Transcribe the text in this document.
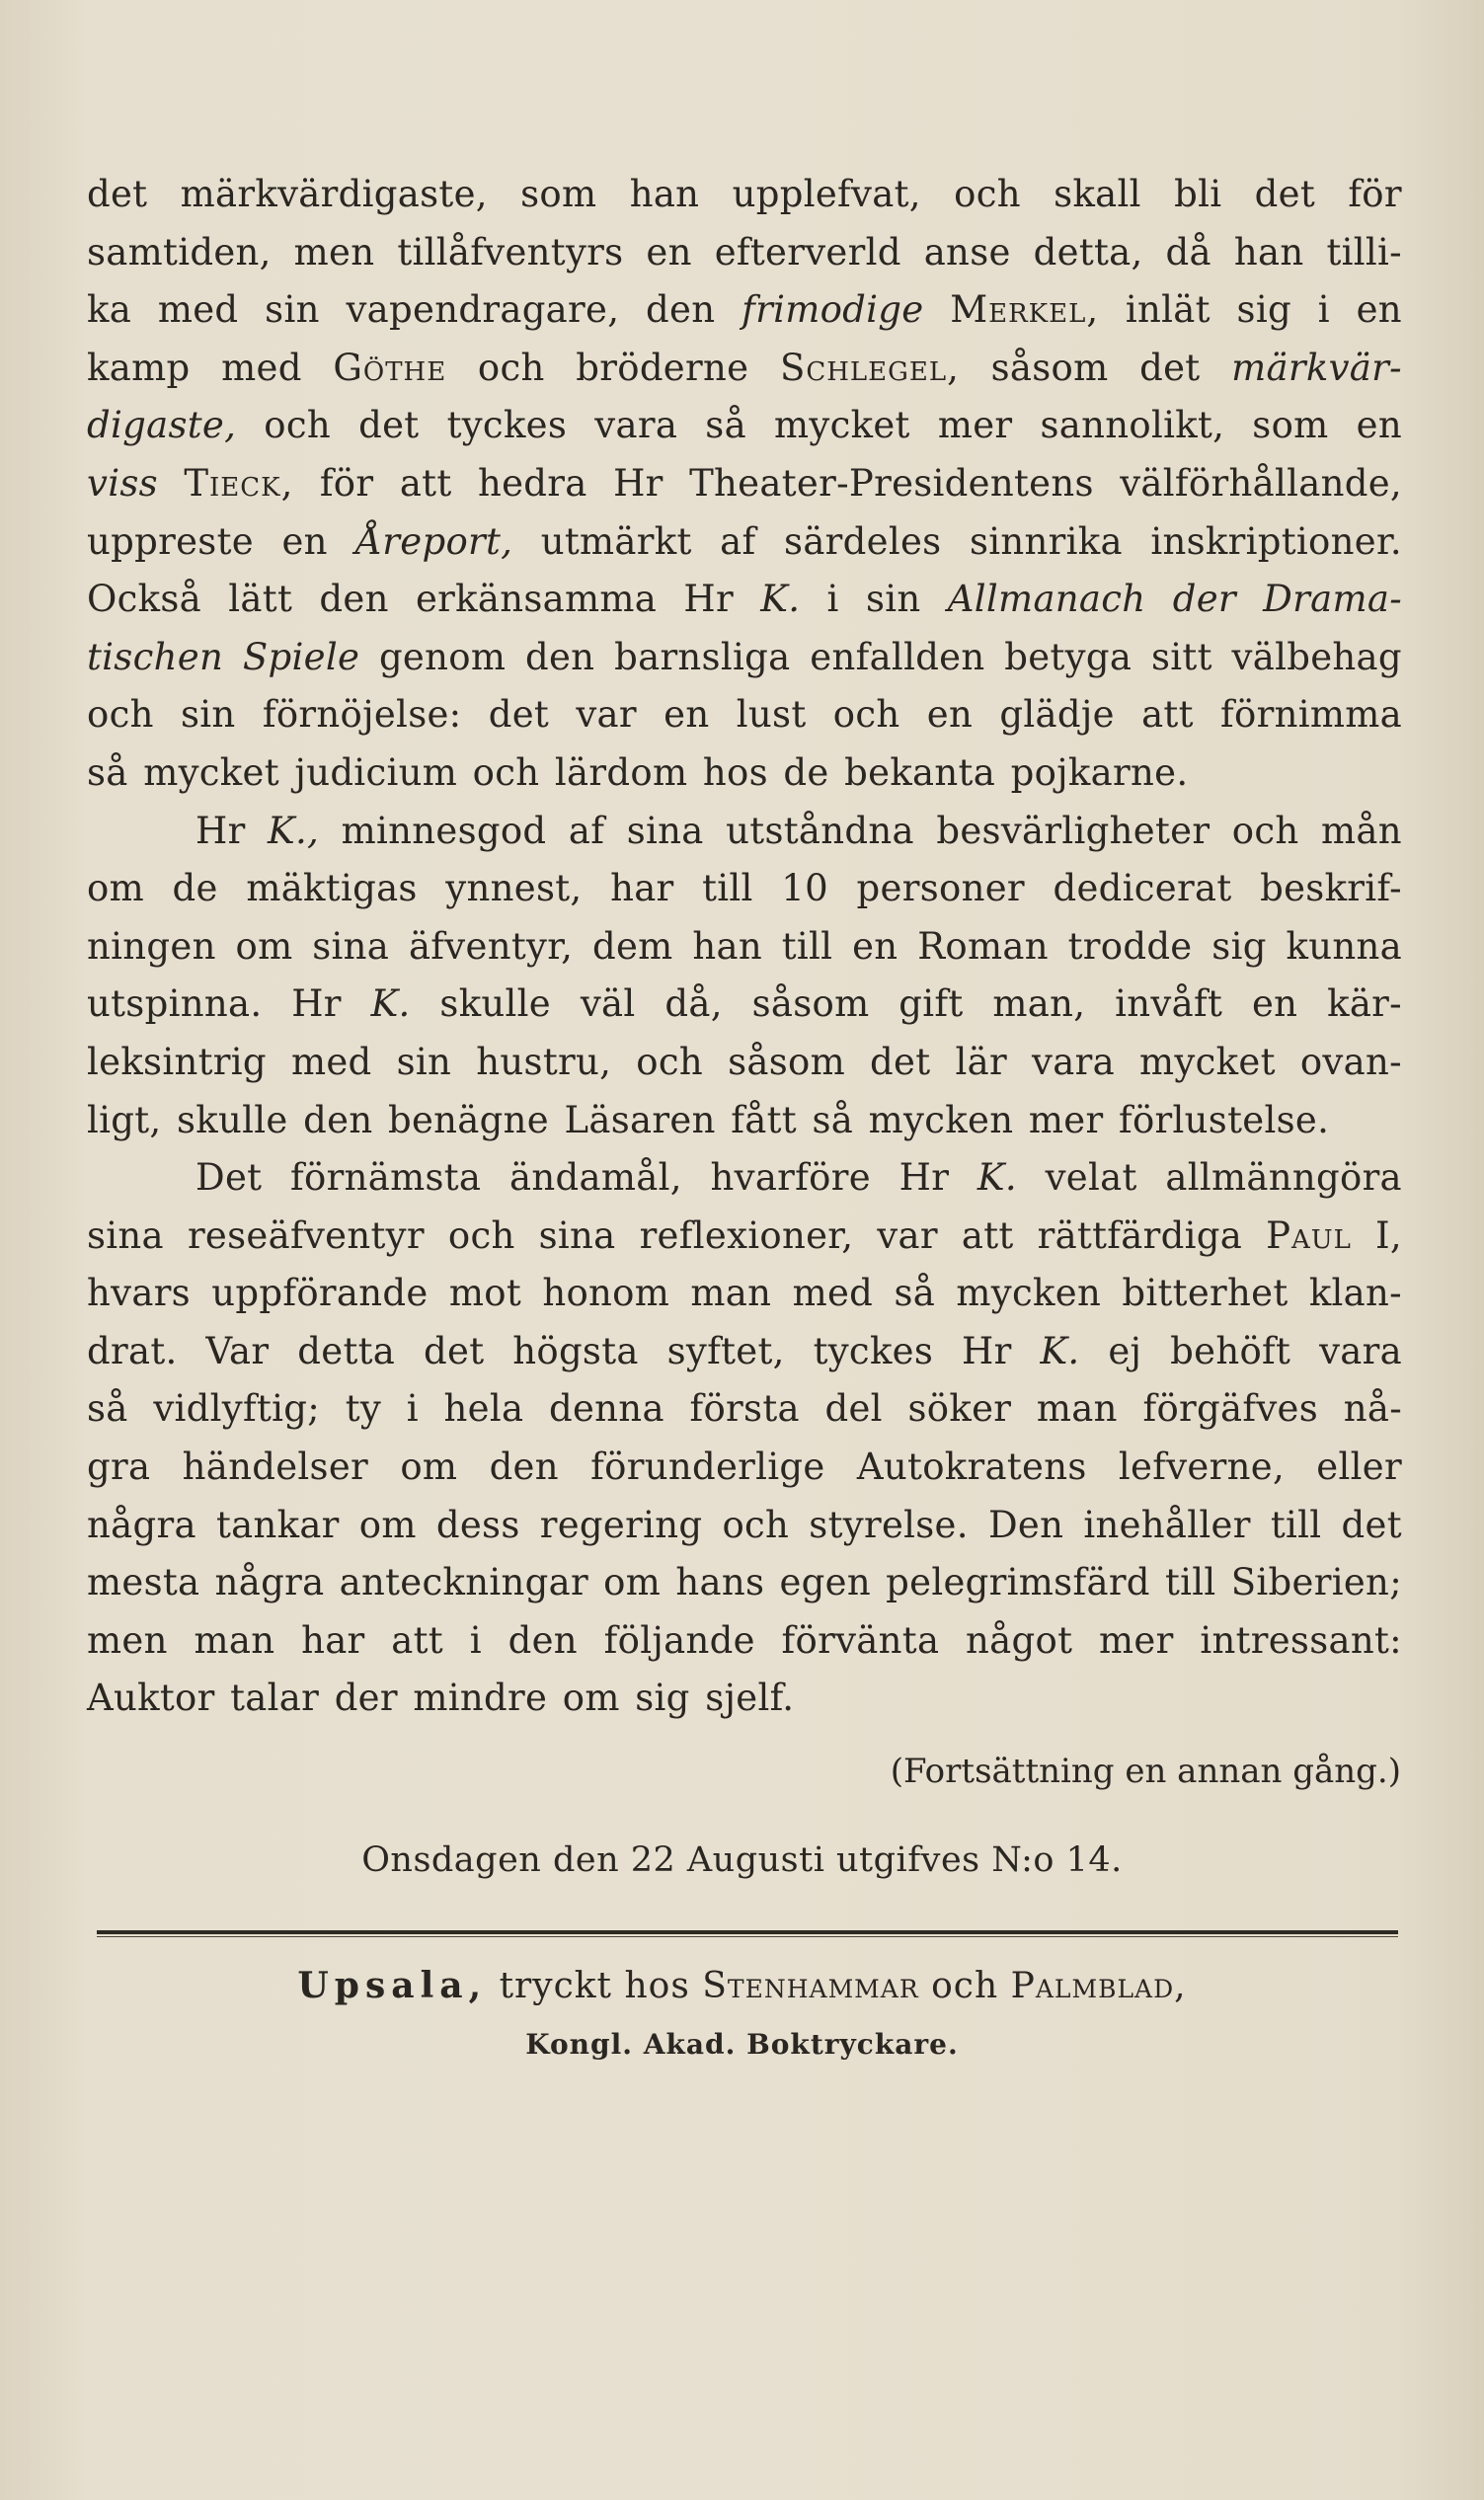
det märkvärdigaste, som han upplefvat, och skall bli det för
samtiden, men tillåfventyrs en efterverld anse detta, då han tilli-
ka med sin vapendragare, den frimodige Merkel, inlät sig i en
kamp med Göthe och bröderne Schlegel, såsom det märkvär-
digaste, och det tyckes vara så mycket mer sannolikt, som en
viss Tieck, för att hedra Hr Theater-Presidentens välförhållande,
uppreste en Åreport, utmärkt af särdeles sinnrika inskriptioner.
Också lätt den erkänsamma Hr K. i sin Allmanach der Drama-
tischen Spiele genom den barnsliga enfallden betyga sitt välbehag
och sin förnöjelse: det var en lust och en glädje att förnimma
så mycket judicium och lärdom hos de bekanta pojkarne.
Hr K., minnesgod af sina utståndna besvärligheter och mån
om de mäktigas ynnest, har till 10 personer dedicerat beskrif-
ningen om sina äfventyr, dem han till en Roman trodde sig kunna
utspinna. Hr K. skulle väl då, såsom gift man, invåft en kär-
leksintrig med sin hustru, och såsom det lär vara mycket ovan-
ligt, skulle den benägne Läsaren fått så mycken mer förlustelse.
Det förnämsta ändamål, hvarföre Hr K. velat allmänngöra
sina reseäfventyr och sina reflexioner, var att rättfärdiga Paul I,
hvars uppförande mot honom man med så mycken bitterhet klan-
drat. Var detta det högsta syftet, tyckes Hr K. ej behöft vara
så vidlyftig; ty i hela denna första del söker man förgäfves nå-
gra händelser om den förunderlige Autokratens lefverne, eller
några tankar om dess regering och styrelse. Den inehåller till det
mesta några anteckningar om hans egen pelegrimsfärd till Siberien;
men man har att i den följande förvänta något mer intressant:
Auktor talar der mindre om sig sjelf.
(Fortsättning en annan gång.)
Onsdagen den 22 Augusti utgifves N:o 14.
Upsala, tryckt hos Stenhammar och Palmblad,
Kongl. Akad. Boktryckare.
